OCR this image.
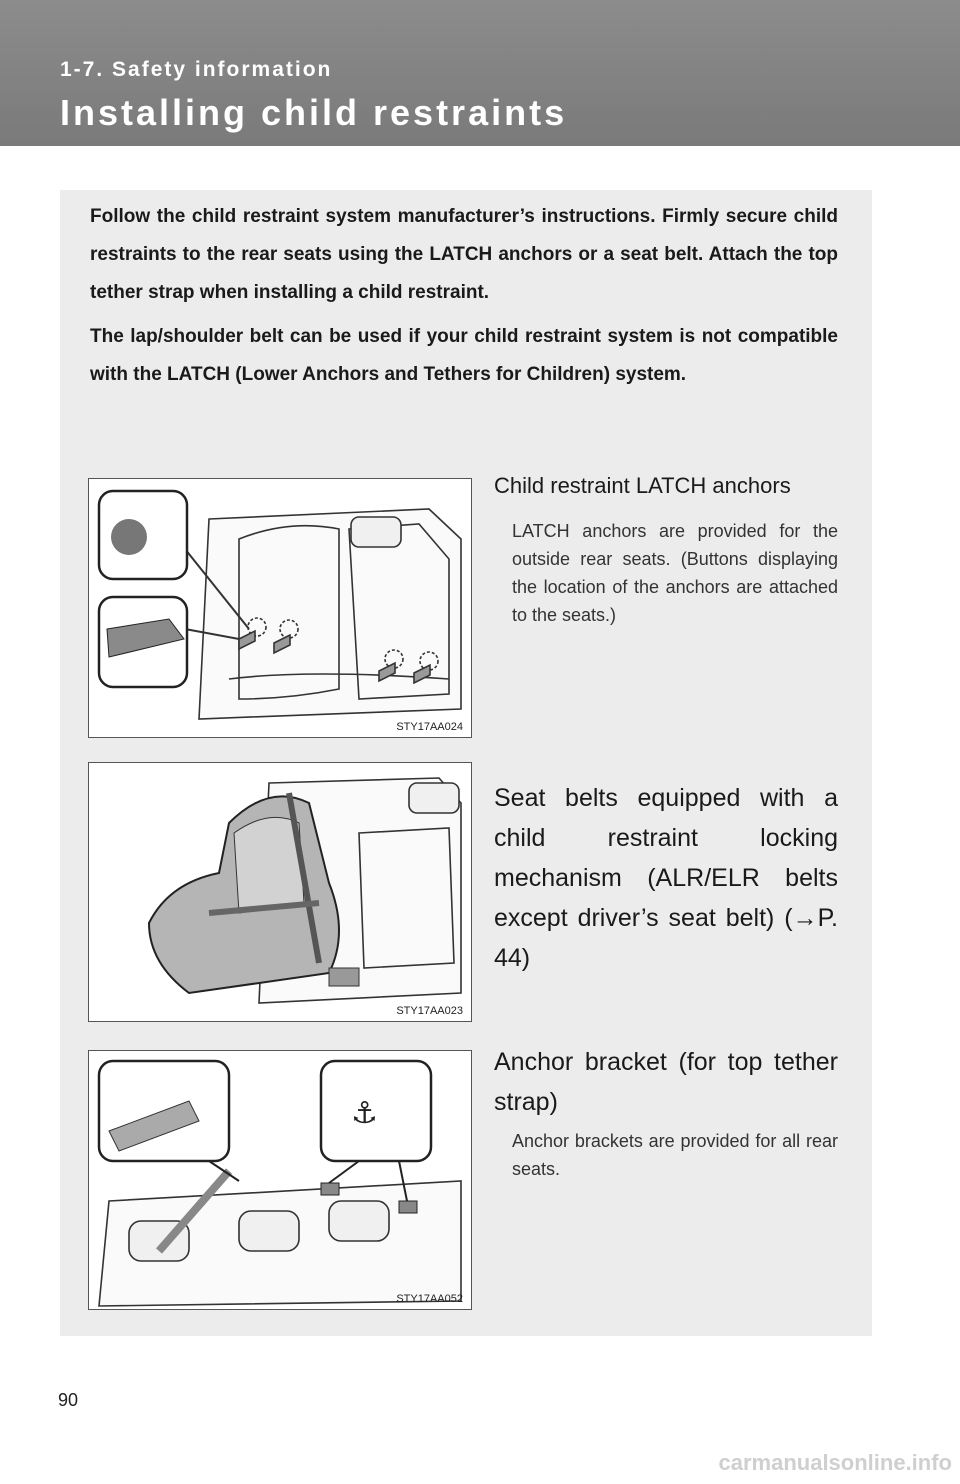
1-7. Safety information
Installing child restraints

Follow the child restraint system manufacturer’s instructions. Firmly secure child restraints to the rear seats using the LATCH anchors or a seat belt. Attach the top tether strap when installing a child restraint.

The lap/shoulder belt can be used if your child restraint system is not compatible with the LATCH (Lower Anchors and Tethers for Children) system.

STY17AA024
Child restraint LATCH anchors
LATCH anchors are provided for the outside rear seats. (Buttons displaying the location of the anchors are attached to the seats.)
STY17AA023
Seat belts equipped with a child restraint locking mechanism (ALR/ELR belts except driver’s seat belt) (→P. 44)
⚓
STY17AA052
Anchor bracket (for top tether strap)
Anchor brackets are provided for all rear seats.
90
carmanualsonline.info
